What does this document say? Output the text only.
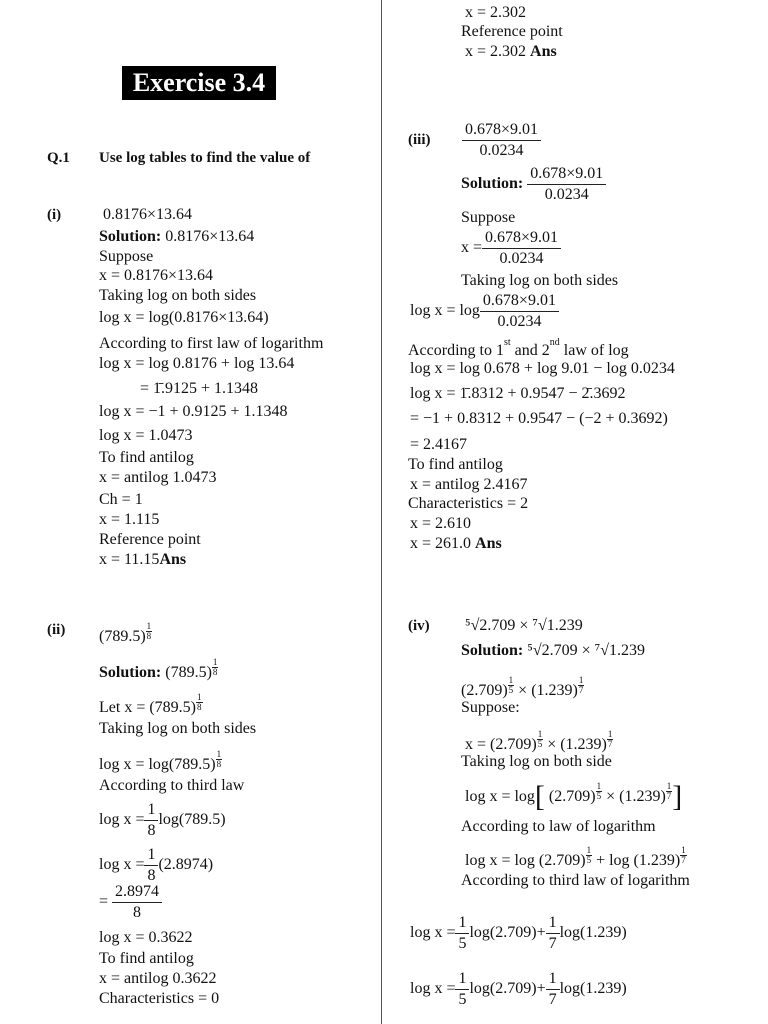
Exercise 3.4
Q.1 Use log tables to find the value of
(i)	0.8176×13.64
Solution: 0.8176×13.64
Suppose
x = 0.8176×13.64
Taking log on both sides
log x = log(0.8176×13.64)
According to first law of logarithm
log x = log 0.8176 + log 13.64
= 1̄.9125 + 1.1348
log x = −1 + 0.9125 + 1.1348
log x = 1.0473
To find antilog
x = antilog 1.0473
Ch = 1
x = 1.115
Reference point
x = 11.15Ans
(ii) $(789.5) \frac{1}{8}$
Solution: $(789.5) \frac{1}{8}$
Let $x = (789.5) \frac{1}{8}$
Taking log on both sides
$\log x = \log(789.5) \frac{1}{8}$
According to third law
$\log x = \frac{1}{8} \log(789.5)$
$\log x = \frac{1}{8} (2.8974)$
= $\frac{2.8974}{8}$
log x = 0.3622
To find antilog
x = antilog 0.3622
Characteristics = 0
x = 2.302
Reference point
x = 2.302 Ans
$(iii) \frac{0.678\times 9.01}{0.0234}$
Solution: $\frac{0.678\times 9.01}{0.0234}$
Suppose
$x = \frac{0.678\times 9.01}{0.0234}$
Taking log on both sides
$\log x = \log \frac{0.678\times 9.01}{0.0234}$
According to 1st and 2nd law of log
log x = log 0.678 + log 9.01 − log 0.0234
log x = 1̄.8312 + 0.9547 − 2̄.3692
= −1 + 0.8312 + 0.9547 − (−2 + 0.3692)
= 2.4167
To find antilog
x = antilog 2.4167
Characteristics = 2
x = 2.610
x = 261.0 Ans
(iv) ⁵√2.709 × ⁷√1.239
Solution: ⁵√2.709 × ⁷√1.239
$(2.709) \frac{1}{5} \times (1.239) \frac{1}{7}$
Suppose:
$x = (2.709) \frac{1}{5} \times (1.239) \frac{1}{7}$
Taking log on both side
log x = log[ $(2.709) \frac{1}{5} \times (1.239) \frac{1}{7}$ ]
According to law of logarithm
$\log x = \log (2.709) \frac{1}{5} + \log (1.239) \frac{1}{7}$
According to third law of logarithm
$\log x = \frac{1}{5} \log(2.709)+ \frac{1}{7} \log(1.239)$
$\log x = \frac{1}{5} \log(2.709)+ \frac{1}{7} \log(1.239)$
